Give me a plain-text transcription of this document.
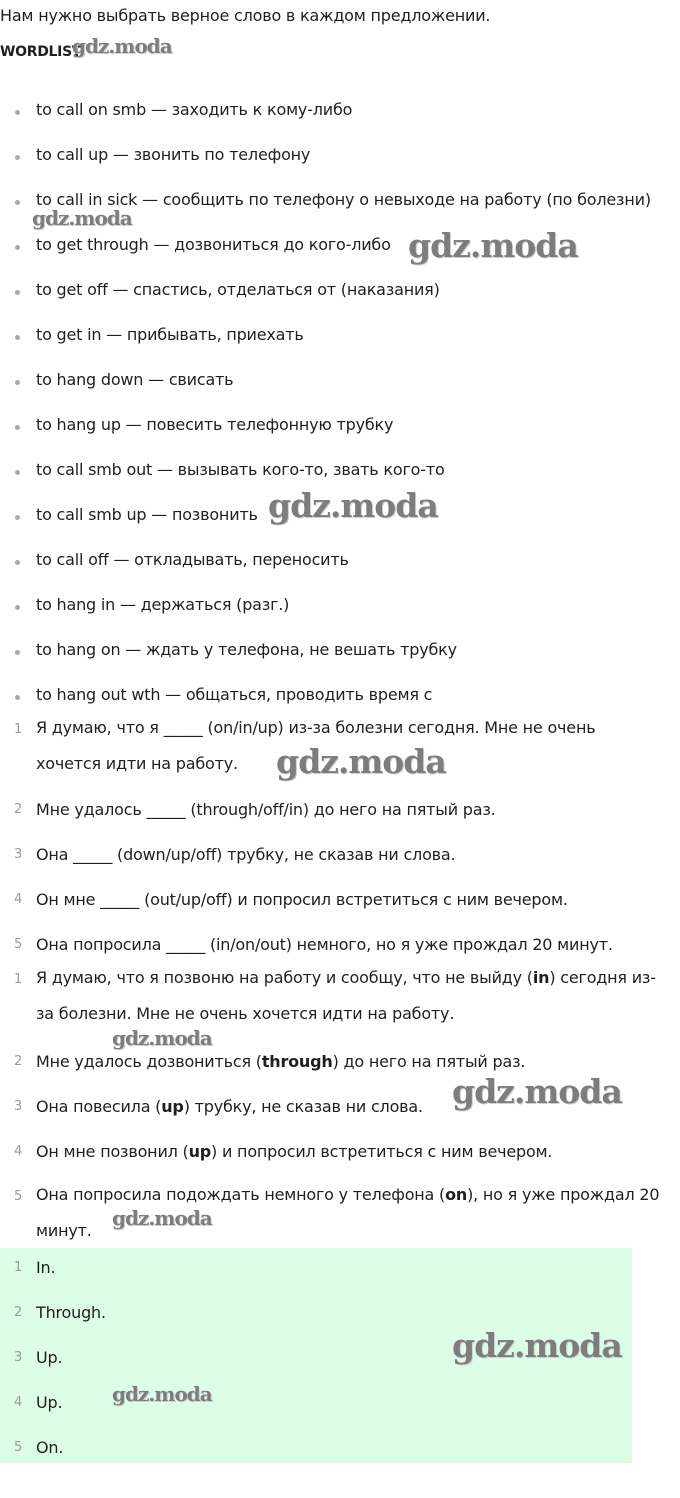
Нам нужно выбрать верное слово в каждом предложении.
WORDLIST
to call on smb — заходить к кому-либо
to call up — звонить по телефону
to call in sick — сообщить по телефону о невыходе на работу (по болезни)
to get through — дозвониться до кого-либо
to get off — спастись, отделаться от (наказания)
to get in — прибывать, приехать
to hang down — свисать
to hang up — повесить телефонную трубку
to call smb out — вызывать кого-то, звать кого-то
to call smb up — позвонить
to call off — откладывать, переносить
to hang in — держаться (разг.)
to hang on — ждать у телефона, не вешать трубку
to hang out wth — общаться, проводить время с
1 Я думаю, что я _____ (on/in/up) из-за болезни сегодня. Мне не очень хочется идти на работу.
2 Мне удалось _____ (through/off/in) до него на пятый раз.
3 Она _____ (down/up/off) трубку, не сказав ни слова.
4 Он мне _____ (out/up/off) и попросил встретиться с ним вечером.
5 Она попросила _____ (in/on/out) немного, но я уже прождал 20 минут.
1 Я думаю, что я позвоню на работу и сообщу, что не выйду (in) сегодня из-за болезни. Мне не очень хочется идти на работу.
2 Мне удалось дозвониться (through) до него на пятый раз.
3 Она повесила (up) трубку, не сказав ни слова.
4 Он мне позвонил (up) и попросил встретиться с ним вечером.
5 Она попросила подождать немного у телефона (on), но я уже прождал 20 минут.
1 In.
2 Through.
3 Up.
4 Up.
5 On.
gdz.moda
gdz.moda
gdz.moda
gdz.moda
gdz.moda
gdz.moda
gdz.moda
gdz.moda
gdz.moda
gdz.moda
